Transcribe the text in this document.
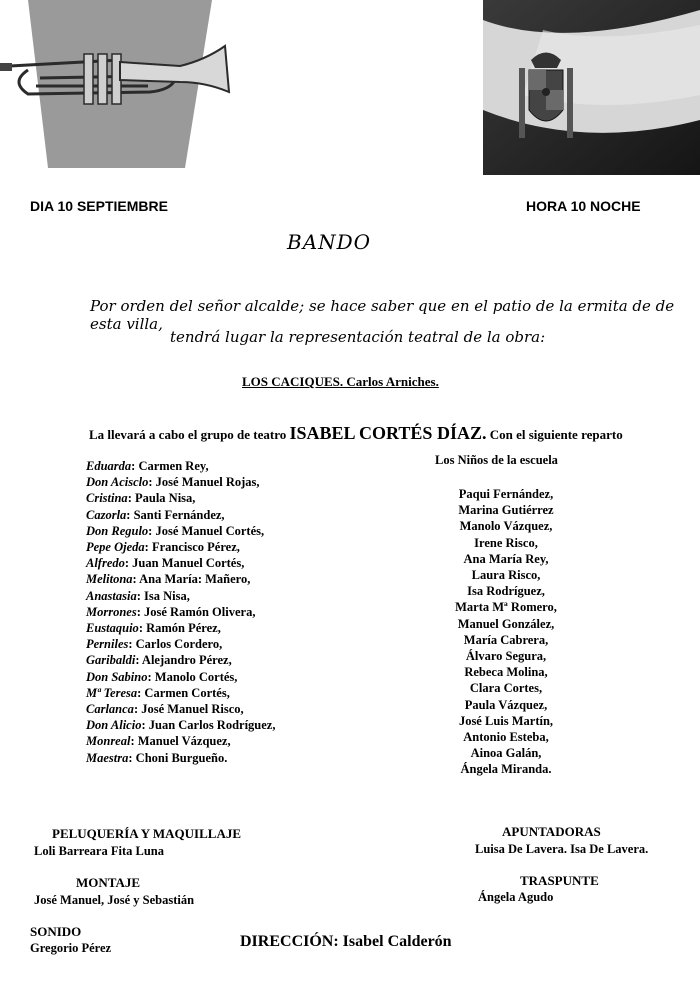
DIA 10 SEPTIEMBRE	HORA 10 NOCHE
BANDO
Por orden del señor alcalde; se hace saber que en el patio de la ermita de de esta villa,
tendrá lugar la representación teatral de la obra:
LOS CACIQUES. Carlos Arniches.
La llevará a cabo el grupo de teatro ISABEL CORTÉS DÍAZ. Con el siguiente reparto
Eduarda: Carmen Rey,
Don Acisclo: José Manuel Rojas,
Cristina: Paula Nisa,
Cazorla: Santi Fernández,
Don Regulo: José Manuel Cortés,
Pepe Ojeda: Francisco Pérez,
Alfredo: Juan Manuel Cortés,
Melitona: Ana María: Mañero,
Anastasia: Isa Nisa,
Morrones: José Ramón Olivera,
Eustaquio: Ramón Pérez,
Perniles: Carlos Cordero,
Garibaldi: Alejandro Pérez,
Don Sabino: Manolo Cortés,
Mª Teresa: Carmen Cortés,
Carlanca: José Manuel Risco,
Don Alicio: Juan Carlos Rodríguez,
Monreal: Manuel Vázquez,
Maestra: Choni Burgueño.
Los Niños de la escuela
Paqui Fernández,
Marina Gutiérrez
Manolo Vázquez,
Irene Risco,
Ana María Rey,
Laura Risco,
Isa Rodríguez,
Marta Mª Romero,
Manuel González,
María Cabrera,
Álvaro Segura,
Rebeca Molina,
Clara Cortes,
Paula Vázquez,
José Luis Martín,
Antonio Esteba,
Ainoa Galán,
Ángela Miranda.
PELUQUERÍA Y MAQUILLAJE
Loli Barreara Fita Luna
MONTAJE
José Manuel, José y Sebastián
SONIDO
Gregorio Pérez
APUNTADORAS
Luisa De Lavera. Isa De Lavera.
TRASPUNTE
Ángela Agudo
DIRECCIÓN: Isabel Calderón
